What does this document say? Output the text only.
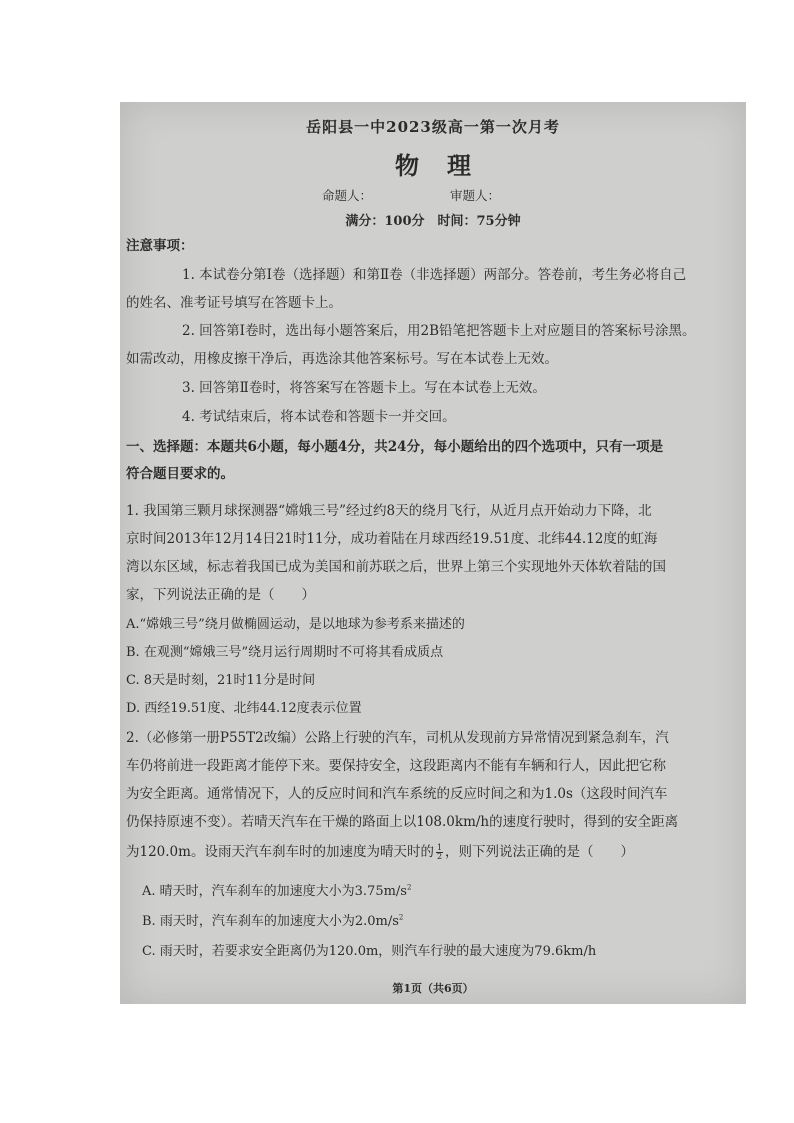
岳阳县一中2023级高一第一次月考
物理
命题人：	审题人：
满分：100分　时间：75分钟
注意事项：
1. 本试卷分第Ⅰ卷（选择题）和第Ⅱ卷（非选择题）两部分。答卷前，考生务必将自己
的姓名、准考证号填写在答题卡上。
2. 回答第Ⅰ卷时，选出每小题答案后，用2B铅笔把答题卡上对应题目的答案标号涂黑。
如需改动，用橡皮擦干净后，再选涂其他答案标号。写在本试卷上无效。
3. 回答第Ⅱ卷时，将答案写在答题卡上。写在本试卷上无效。
4. 考试结束后，将本试卷和答题卡一并交回。
一、选择题：本题共6小题，每小题4分，共24分，每小题给出的四个选项中，只有一项是
符合题目要求的。
1. 我国第三颗月球探测器“嫦娥三号”经过约8天的绕月飞行，从近月点开始动力下降，北
京时间2013年12月14日21时11分，成功着陆在月球西经19.51度、北纬44.12度的虹海
湾以东区域，标志着我国已成为美国和前苏联之后，世界上第三个实现地外天体软着陆的国
家，下列说法正确的是（　　）
A.“嫦娥三号”绕月做椭圆运动，是以地球为参考系来描述的
B. 在观测“嫦娥三号”绕月运行周期时不可将其看成质点
C. 8天是时刻，21时11分是时间
D. 西经19.51度、北纬44.12度表示位置
2.（必修第一册P55T2改编）公路上行驶的汽车，司机从发现前方异常情况到紧急刹车，汽
车仍将前进一段距离才能停下来。要保持安全，这段距离内不能有车辆和行人，因此把它称
为安全距离。通常情况下，人的反应时间和汽车系统的反应时间之和为1.0s（这段时间汽车
仍保持原速不变）。若晴天汽车在干燥的路面上以108.0km/h的速度行驶时，得到的安全距离
为120.0m。设雨天汽车刹车时的加速度为晴天时的 $\frac{1}{2}$ ，则下列说法正确的是（　　）
A. 晴天时，汽车刹车的加速度大小为$3.75m/s^2$
B. 雨天时，汽车刹车的加速度大小为$2.0m/s^2$
C. 雨天时，若要求安全距离仍为120.0m，则汽车行驶的最大速度为79.6km/h
第1页（共6页）
